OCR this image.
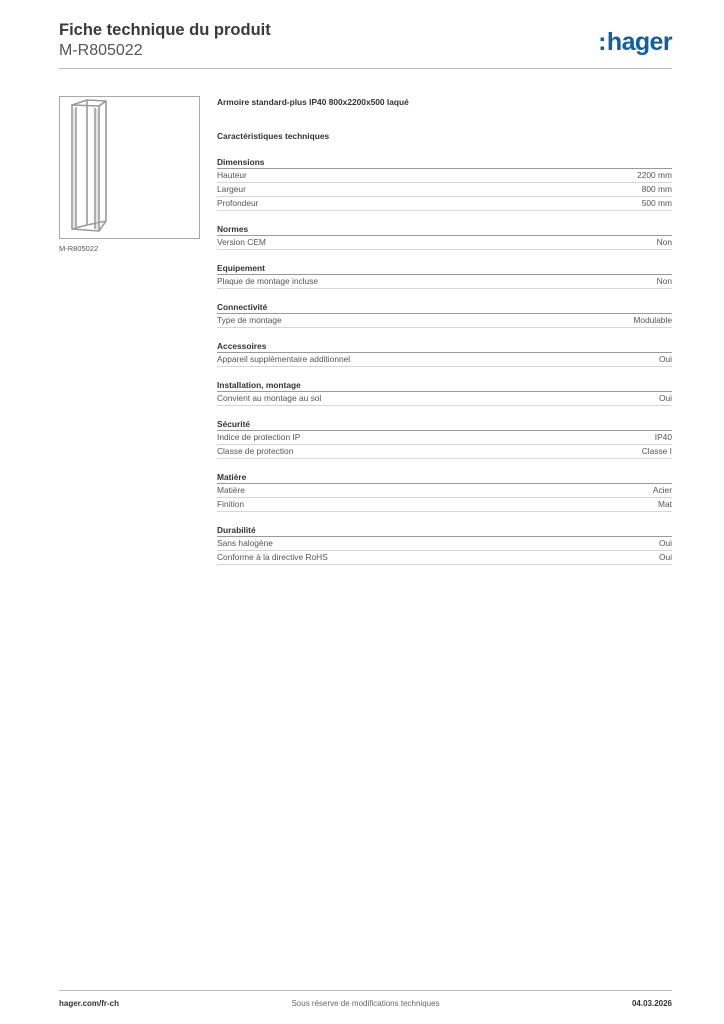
Fiche technique du produit
M-R805022	:hager
M-R805022
Armoire standard-plus IP40 800x2200x500 laqué
Caractéristiques techniques
Dimensions
Hauteur	2200 mm
Largeur	800 mm
Profondeur	500 mm
Normes
Version CEM	Non
Equipement
Plaque de montage incluse	Non
Connectivité
Type de montage	Modulable
Accessoires
Appareil supplémentaire additionnel	Oui
Installation, montage
Convient au montage au sol	Oui
Sécurité
Indice de protection IP	IP40
Classe de protection	Classe I
Matière
Matière	Acier
Finition	Mat
Durabilité
Sans halogène	Oui
Conforme à la directive RoHS	Oui
hager.com/fr-ch	Sous réserve de modifications techniques	04.03.2026
